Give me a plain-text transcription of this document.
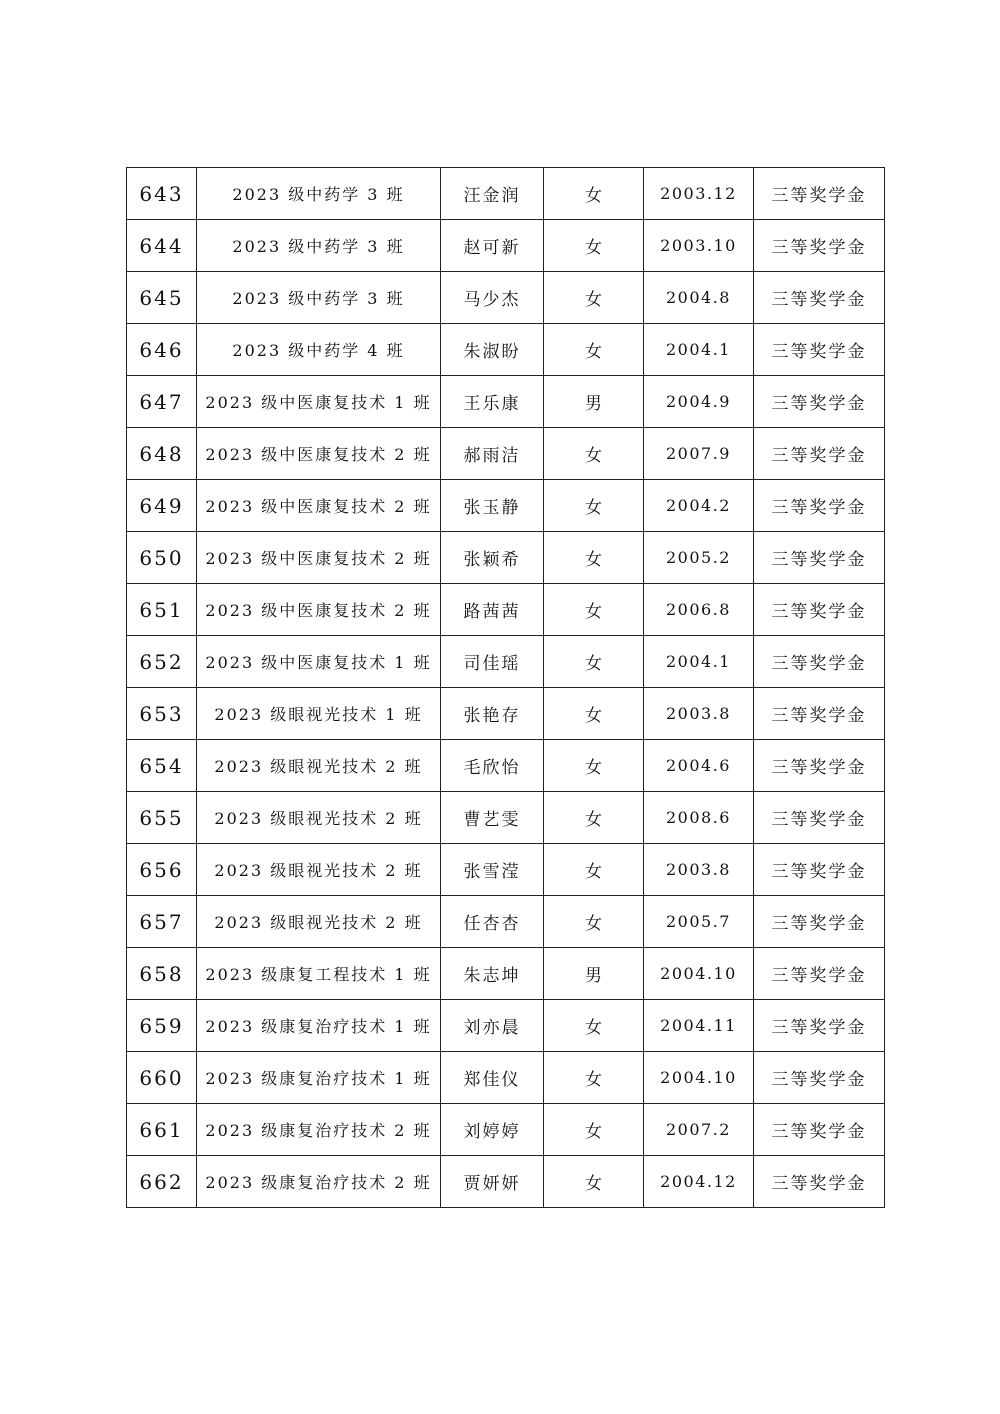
643	2023 级中药学 3 班	汪金润	女	2003.12	三等奖学金
644	2023 级中药学 3 班	赵可新	女	2003.10	三等奖学金
645	2023 级中药学 3 班	马少杰	女	2004.8	三等奖学金
646	2023 级中药学 4 班	朱淑盼	女	2004.1	三等奖学金
647	2023 级中医康复技术 1 班	王乐康	男	2004.9	三等奖学金
648	2023 级中医康复技术 2 班	郝雨洁	女	2007.9	三等奖学金
649	2023 级中医康复技术 2 班	张玉静	女	2004.2	三等奖学金
650	2023 级中医康复技术 2 班	张颖希	女	2005.2	三等奖学金
651	2023 级中医康复技术 2 班	路茜茜	女	2006.8	三等奖学金
652	2023 级中医康复技术 1 班	司佳瑶	女	2004.1	三等奖学金
653	2023 级眼视光技术 1 班	张艳存	女	2003.8	三等奖学金
654	2023 级眼视光技术 2 班	毛欣怡	女	2004.6	三等奖学金
655	2023 级眼视光技术 2 班	曹艺雯	女	2008.6	三等奖学金
656	2023 级眼视光技术 2 班	张雪滢	女	2003.8	三等奖学金
657	2023 级眼视光技术 2 班	任杏杏	女	2005.7	三等奖学金
658	2023 级康复工程技术 1 班	朱志坤	男	2004.10	三等奖学金
659	2023 级康复治疗技术 1 班	刘亦晨	女	2004.11	三等奖学金
660	2023 级康复治疗技术 1 班	郑佳仪	女	2004.10	三等奖学金
661	2023 级康复治疗技术 2 班	刘婷婷	女	2007.2	三等奖学金
662	2023 级康复治疗技术 2 班	贾妍妍	女	2004.12	三等奖学金
